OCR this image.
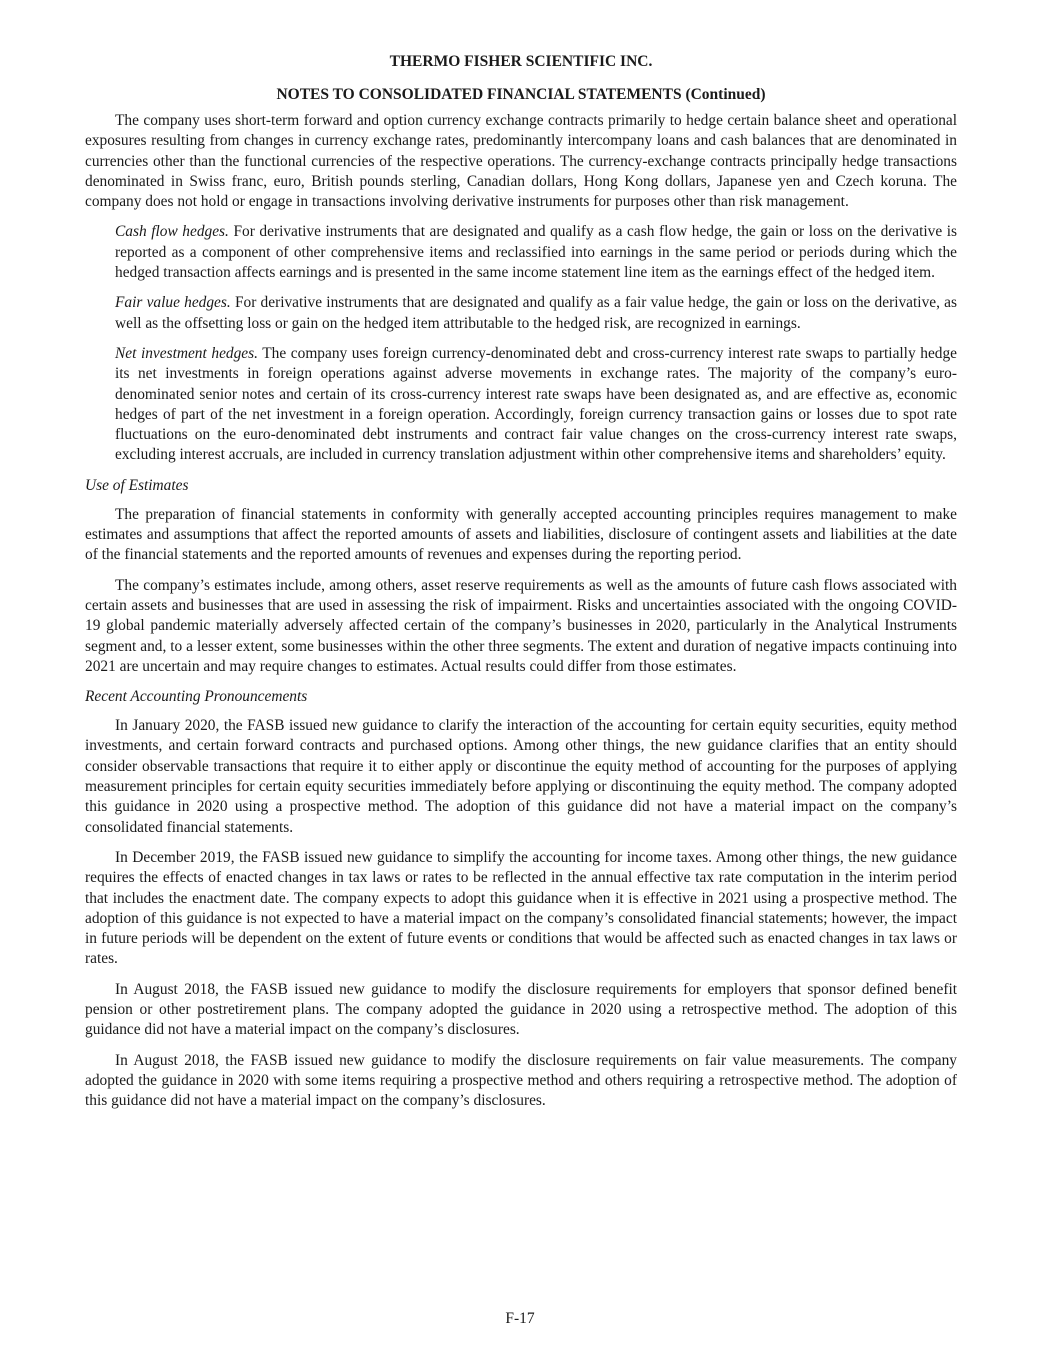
THERMO FISHER SCIENTIFIC INC.
NOTES TO CONSOLIDATED FINANCIAL STATEMENTS (Continued)

The company uses short-term forward and option currency exchange contracts primarily to hedge certain balance sheet and operational exposures resulting from changes in currency exchange rates, predominantly intercompany loans and cash balances that are denominated in currencies other than the functional currencies of the respective operations. The currency-exchange contracts principally hedge transactions denominated in Swiss franc, euro, British pounds sterling, Canadian dollars, Hong Kong dollars, Japanese yen and Czech koruna. The company does not hold or engage in transactions involving derivative instruments for purposes other than risk management.

Cash flow hedges. For derivative instruments that are designated and qualify as a cash flow hedge, the gain or loss on the derivative is reported as a component of other comprehensive items and reclassified into earnings in the same period or periods during which the hedged transaction affects earnings and is presented in the same income statement line item as the earnings effect of the hedged item.

Fair value hedges. For derivative instruments that are designated and qualify as a fair value hedge, the gain or loss on the derivative, as well as the offsetting loss or gain on the hedged item attributable to the hedged risk, are recognized in earnings.

Net investment hedges. The company uses foreign currency-denominated debt and cross-currency interest rate swaps to partially hedge its net investments in foreign operations against adverse movements in exchange rates. The majority of the company’s euro-denominated senior notes and certain of its cross-currency interest rate swaps have been designated as, and are effective as, economic hedges of part of the net investment in a foreign operation. Accordingly, foreign currency transaction gains or losses due to spot rate fluctuations on the euro-denominated debt instruments and contract fair value changes on the cross-currency interest rate swaps, excluding interest accruals, are included in currency translation adjustment within other comprehensive items and shareholders’ equity.

Use of Estimates

The preparation of financial statements in conformity with generally accepted accounting principles requires management to make estimates and assumptions that affect the reported amounts of assets and liabilities, disclosure of contingent assets and liabilities at the date of the financial statements and the reported amounts of revenues and expenses during the reporting period.

The company’s estimates include, among others, asset reserve requirements as well as the amounts of future cash flows associated with certain assets and businesses that are used in assessing the risk of impairment. Risks and uncertainties associated with the ongoing COVID-19 global pandemic materially adversely affected certain of the company’s businesses in 2020, particularly in the Analytical Instruments segment and, to a lesser extent, some businesses within the other three segments. The extent and duration of negative impacts continuing into 2021 are uncertain and may require changes to estimates. Actual results could differ from those estimates.

Recent Accounting Pronouncements

In January 2020, the FASB issued new guidance to clarify the interaction of the accounting for certain equity securities, equity method investments, and certain forward contracts and purchased options. Among other things, the new guidance clarifies that an entity should consider observable transactions that require it to either apply or discontinue the equity method of accounting for the purposes of applying measurement principles for certain equity securities immediately before applying or discontinuing the equity method. The company adopted this guidance in 2020 using a prospective method. The adoption of this guidance did not have a material impact on the company’s consolidated financial statements.

In December 2019, the FASB issued new guidance to simplify the accounting for income taxes. Among other things, the new guidance requires the effects of enacted changes in tax laws or rates to be reflected in the annual effective tax rate computation in the interim period that includes the enactment date. The company expects to adopt this guidance when it is effective in 2021 using a prospective method. The adoption of this guidance is not expected to have a material impact on the company’s consolidated financial statements; however, the impact in future periods will be dependent on the extent of future events or conditions that would be affected such as enacted changes in tax laws or rates.

In August 2018, the FASB issued new guidance to modify the disclosure requirements for employers that sponsor defined benefit pension or other postretirement plans. The company adopted the guidance in 2020 using a retrospective method. The adoption of this guidance did not have a material impact on the company’s disclosures.

In August 2018, the FASB issued new guidance to modify the disclosure requirements on fair value measurements. The company adopted the guidance in 2020 with some items requiring a prospective method and others requiring a retrospective method. The adoption of this guidance did not have a material impact on the company’s disclosures.

F-17
